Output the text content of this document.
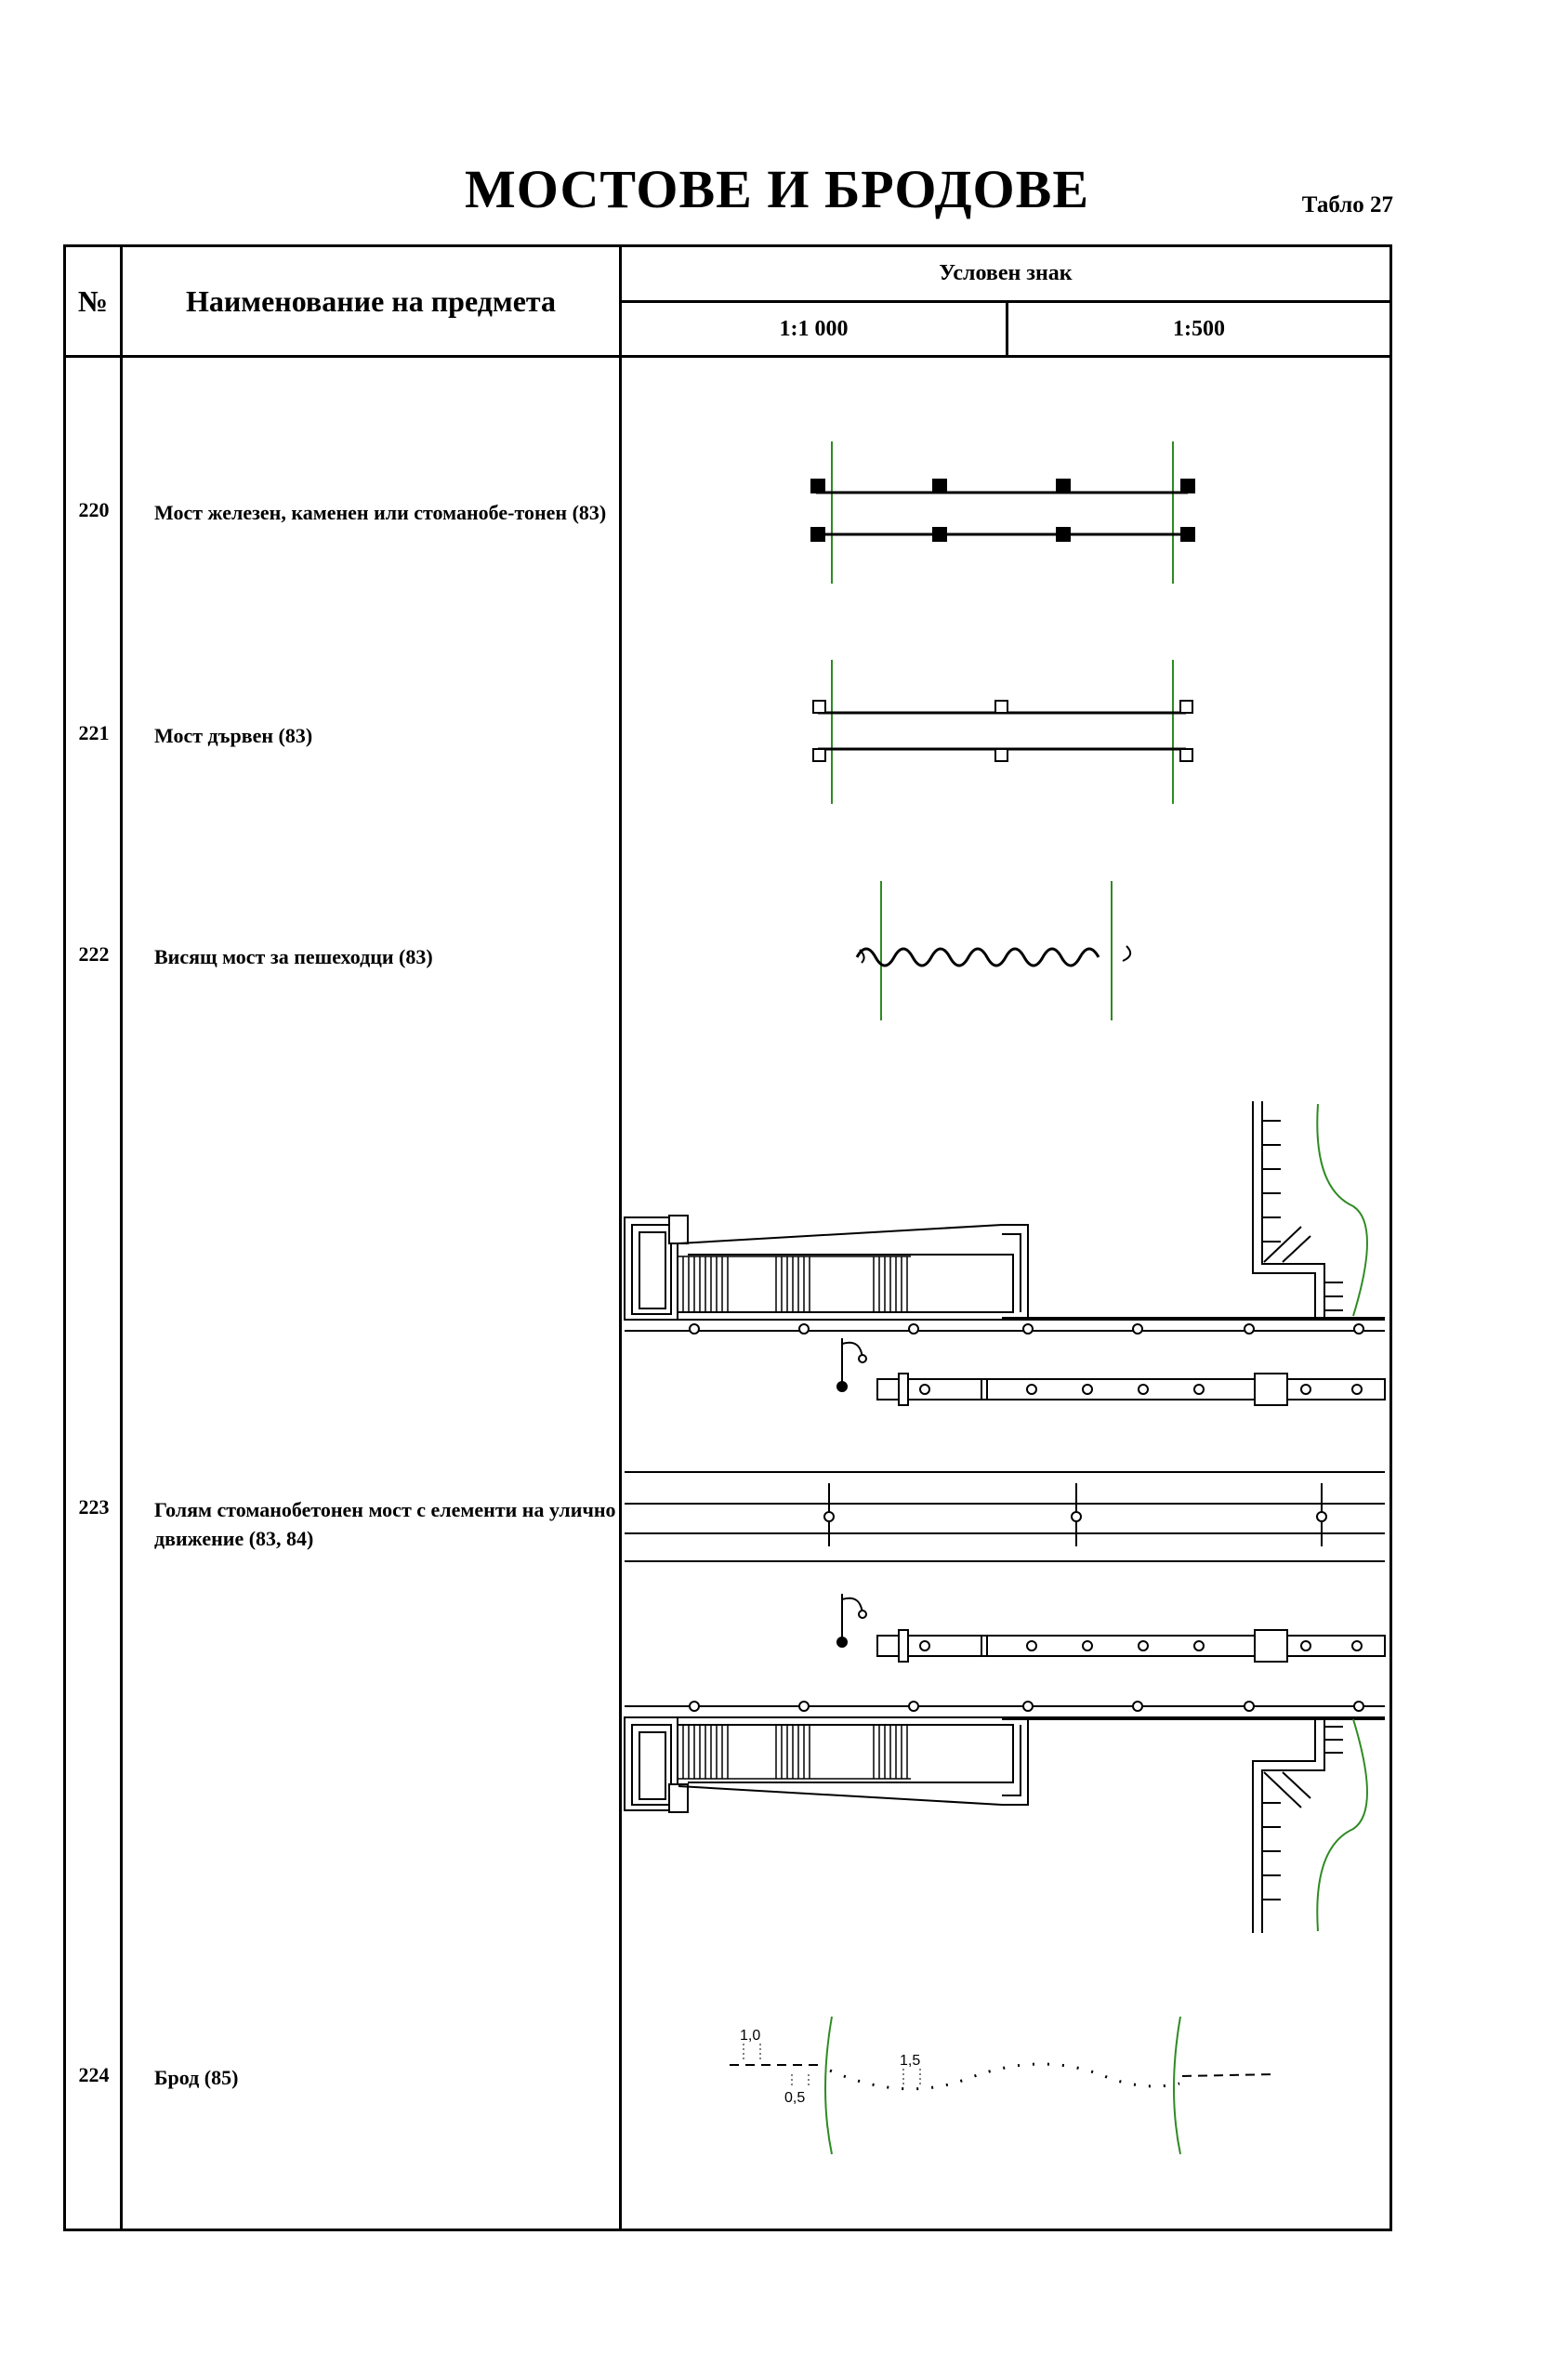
МОСТОВЕ И БРОДОВЕ	Табло 27
№	Наименование на предмета
Условен знак
1:1 000	1:500
220	Мост железен, каменен или стоманобе-тонен (83)
221	Мост дървен (83)
222	Висящ мост за пешеходци (83)
223	Голям стоманобетонен мост с елементи на улично движение (83, 84)
224	Брод (85)
1,0
0,5
1,5
